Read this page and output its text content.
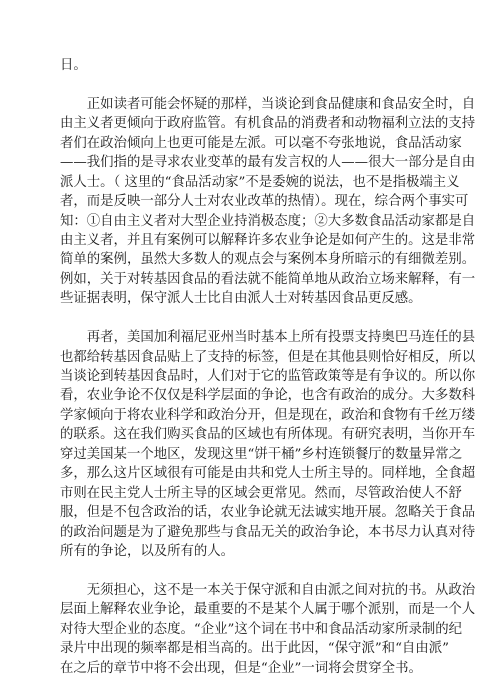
日。
正如读者可能会怀疑的那样，当谈论到食品健康和食品安全时，自
由主义者更倾向于政府监管。有机食品的消费者和动物福利立法的支持
者们在政治倾向上也更可能是左派。可以毫不夸张地说，食品活动家
——我们指的是寻求农业变革的最有发言权的人——很大一部分是自由
派人士。（ 这里的“食品活动家”不是委婉的说法，也不是指极端主义
者，而是反映一部分人士对农业改革的热情）。现在，综合两个事实可
知：①自由主义者对大型企业持消极态度；②大多数食品活动家都是自
由主义者，并且有案例可以解释许多农业争论是如何产生的。这是非常
简单的案例，虽然大多数人的观点会与案例本身所暗示的有细微差别。
例如，关于对转基因食品的看法就不能简单地从政治立场来解释，有一
些证据表明，保守派人士比自由派人士对转基因食品更反感。
再者，美国加利福尼亚州当时基本上所有投票支持奥巴马连任的县
也都给转基因食品贴上了支持的标签，但是在其他县则恰好相反，所以
当谈论到转基因食品时，人们对于它的监管政策等是有争议的。所以你
看，农业争论不仅仅是科学层面的争论，也含有政治的成分。大多数科
学家倾向于将农业科学和政治分开，但是现在，政治和食物有千丝万缕
的联系。这在我们购买食品的区域也有所体现。有研究表明，当你开车
穿过美国某一个地区，发现这里“饼干桶”乡村连锁餐厅的数量异常之
多，那么这片区域很有可能是由共和党人士所主导的。同样地，全食超
市则在民主党人士所主导的区域会更常见。然而，尽管政治使人不舒
服，但是不包含政治的话，农业争论就无法诚实地开展。忽略关于食品
的政治问题是为了避免那些与食品无关的政治争论，本书尽力认真对待
所有的争论，以及所有的人。
无须担心，这不是一本关于保守派和自由派之间对抗的书。从政治
层面上解释农业争论，最重要的不是某个人属于哪个派别，而是一个人
对待大型企业的态度。“企业”这个词在书中和食品活动家所录制的纪
录片中出现的频率都是相当高的。出于此因，“保守派”和“自由派”
在之后的章节中将不会出现，但是“企业”一词将会贯穿全书。
